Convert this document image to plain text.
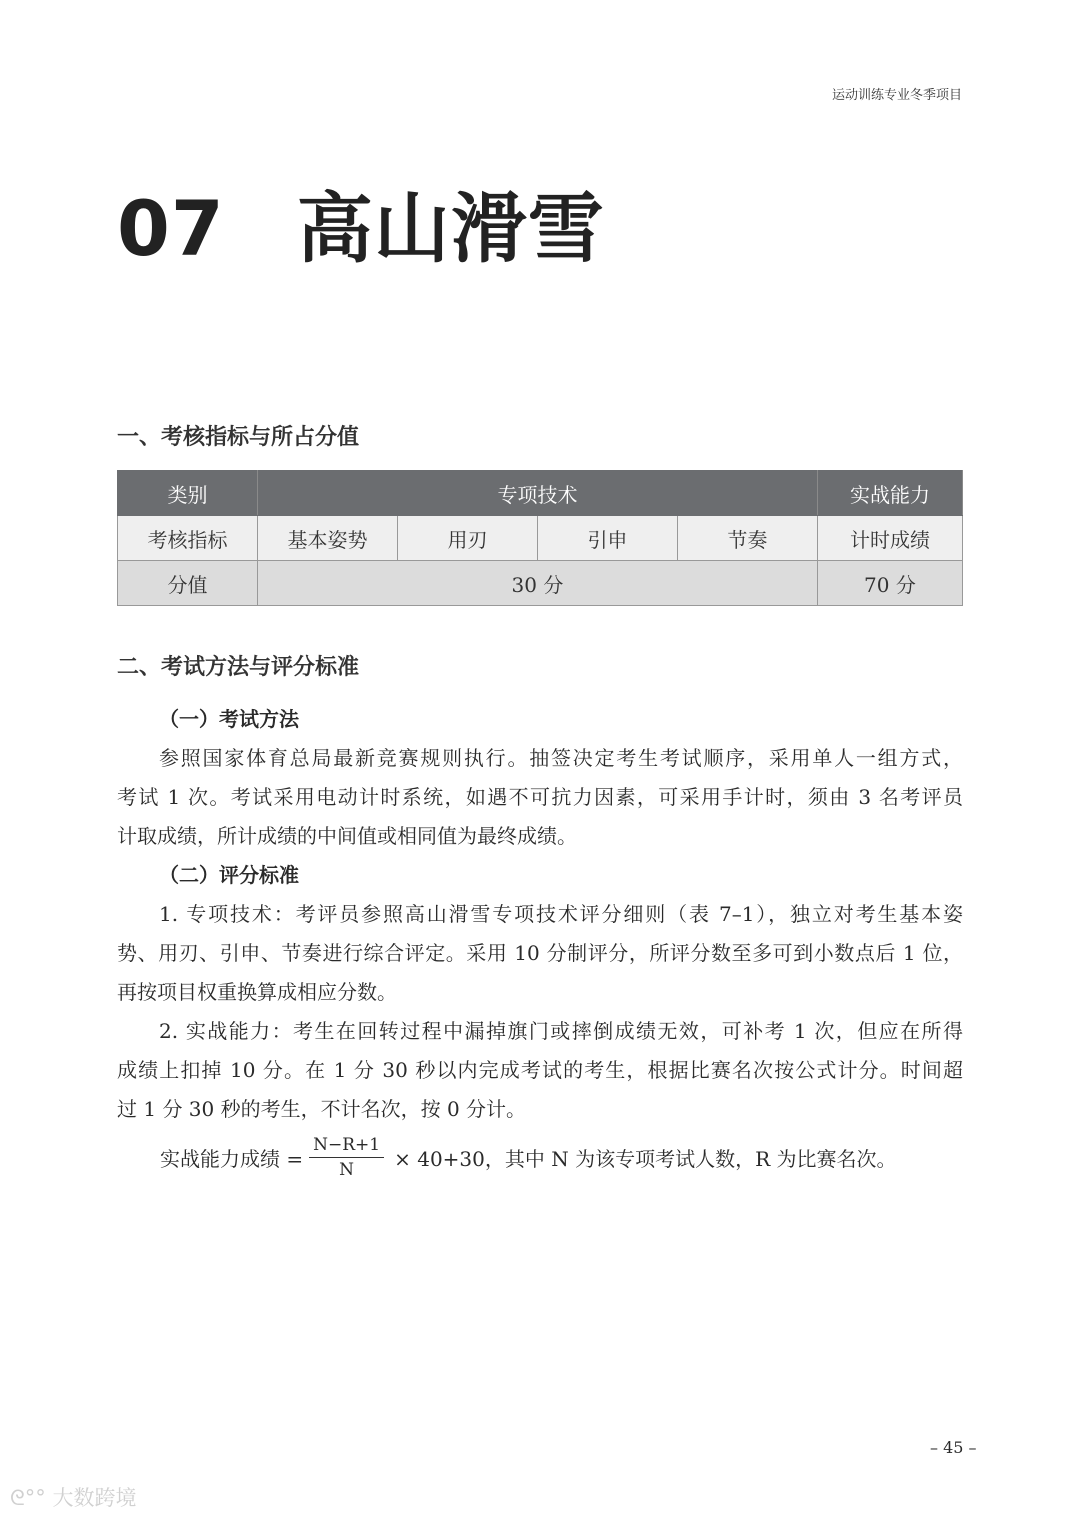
运动训练专业冬季项目
07 高山滑雪
一、考核指标与所占分值
类别	专项技术				实战能力
考核指标	基本姿势	用刃	引申	节奏	计时成绩
分值	30 分				70 分
二、考试方法与评分标准
（一）考试方法
参照国家体育总局最新竞赛规则执行。抽签决定考生考试顺序，采用单人一组方式，
考试 1 次。考试采用电动计时系统，如遇不可抗力因素，可采用手计时，须由 3 名考评员
计取成绩，所计成绩的中间值或相同值为最终成绩。
（二）评分标准
1. 专项技术：考评员参照高山滑雪专项技术评分细则（表 7–1），独立对考生基本姿
势、用刃、引申、节奏进行综合评定。采用 10 分制评分，所评分数至多可到小数点后 1 位，
再按项目权重换算成相应分数。
2. 实战能力：考生在回转过程中漏掉旗门或摔倒成绩无效，可补考 1 次，但应在所得
成绩上扣掉 10 分。在 1 分 30 秒以内完成考试的考生，根据比赛名次按公式计分。时间超
过 1 分 30 秒的考生，不计名次，按 0 分计。
实战能力成绩 = $\frac{N-R+1}{N} \times 40+30$，其中 N 为该专项考试人数，R 为比赛名次。
– 45 –
ᘓ°° 大数跨境
